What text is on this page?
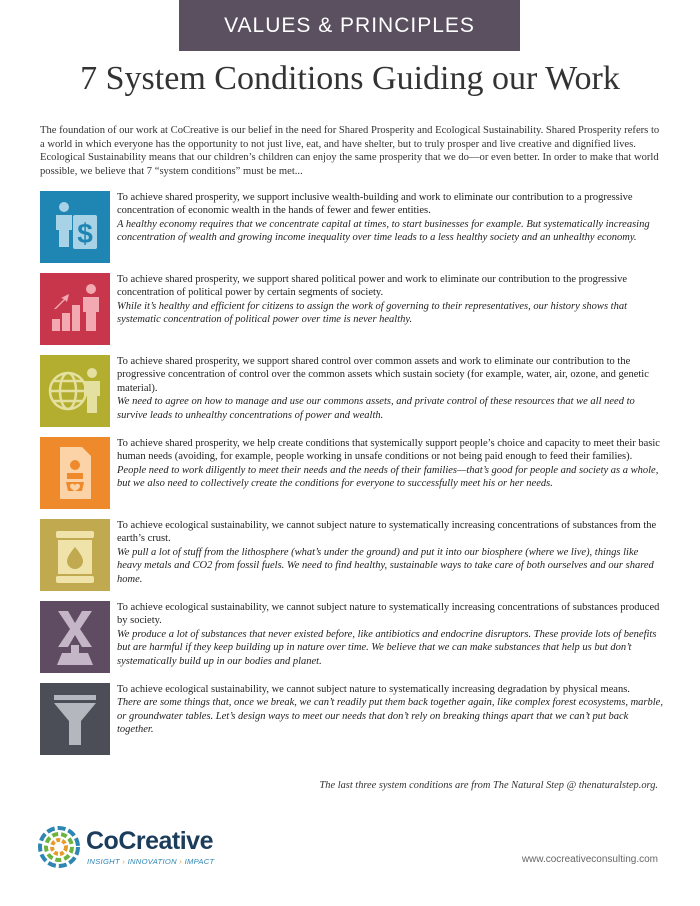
VALUES & PRINCIPLES
7 System Conditions Guiding our Work

The foundation of our work at CoCreative is our belief in the need for Shared Prosperity and Ecological Sustainability. Shared Prosperity refers to a world in which everyone has the opportunity to not just live, eat, and have shelter, but to truly prosper and live creative and dignified lives. Ecological Sustainability means that our children’s children can enjoy the same prosperity that we do—or even better. In order to make that world possible, we believe that 7 “system conditions” must be met...

$
To achieve shared prosperity, we support inclusive wealth-building and work to eliminate our contribution to a progressive concentration of economic wealth in the hands of fewer and fewer entities.
A healthy economy requires that we concentrate capital at times, to start businesses for example. But systematically increasing concentration of wealth and growing income inequality over time leads to a less healthy society and an unhealthy economy.
To achieve shared prosperity, we support shared political power and work to eliminate our contribution to the progressive concentration of political power by certain segments of society.
While it’s healthy and efficient for citizens to assign the work of governing to their representatives, our history shows that systematic concentration of political power over time is never healthy.
To achieve shared prosperity, we support shared control over common assets and work to eliminate our contribution to the progressive concentration of control over the common assets which sustain society (for example, water, air, ozone, and genetic material).
We need to agree on how to manage and use our commons assets, and private control of these resources that we all need to survive leads to unhealthy concentrations of power and wealth.
To achieve shared prosperity, we help create conditions that systemically support people’s choice and capacity to meet their basic human needs (avoiding, for example, people working in unsafe conditions or not being paid enough to feed their families).
People need to work diligently to meet their needs and the needs of their families—that’s good for people and society as a whole, but we also need to collectively create the conditions for everyone to successfully meet his or her needs.
To achieve ecological sustainability, we cannot subject nature to systematically increasing concentrations of substances from the earth’s crust.
We pull a lot of stuff from the lithosphere (what’s under the ground) and put it into our biosphere (where we live), things like heavy metals and CO2 from fossil fuels. We need to find healthy, sustainable ways to take care of both ourselves and our shared home.
To achieve ecological sustainability, we cannot subject nature to systematically increasing concentrations of substances produced by society.
We produce a lot of substances that never existed before, like antibiotics and endocrine disruptors. These provide lots of benefits but are harmful if they keep building up in nature over time. We believe that we can make substances that help us but don’t systematically build up in our bodies and planet.
To achieve ecological sustainability, we cannot subject nature to systematically increasing degradation by physical means.
There are some things that, once we break, we can’t readily put them back together again, like complex forest ecosystems, marble, or groundwater tables. Let’s design ways to meet our needs that don’t rely on breaking things apart that we can’t put back together.
The last three system conditions are from The Natural Step @ thenaturalstep.org.
CoCreative
INSIGHT › INNOVATION › IMPACT	www.cocreativeconsulting.com
